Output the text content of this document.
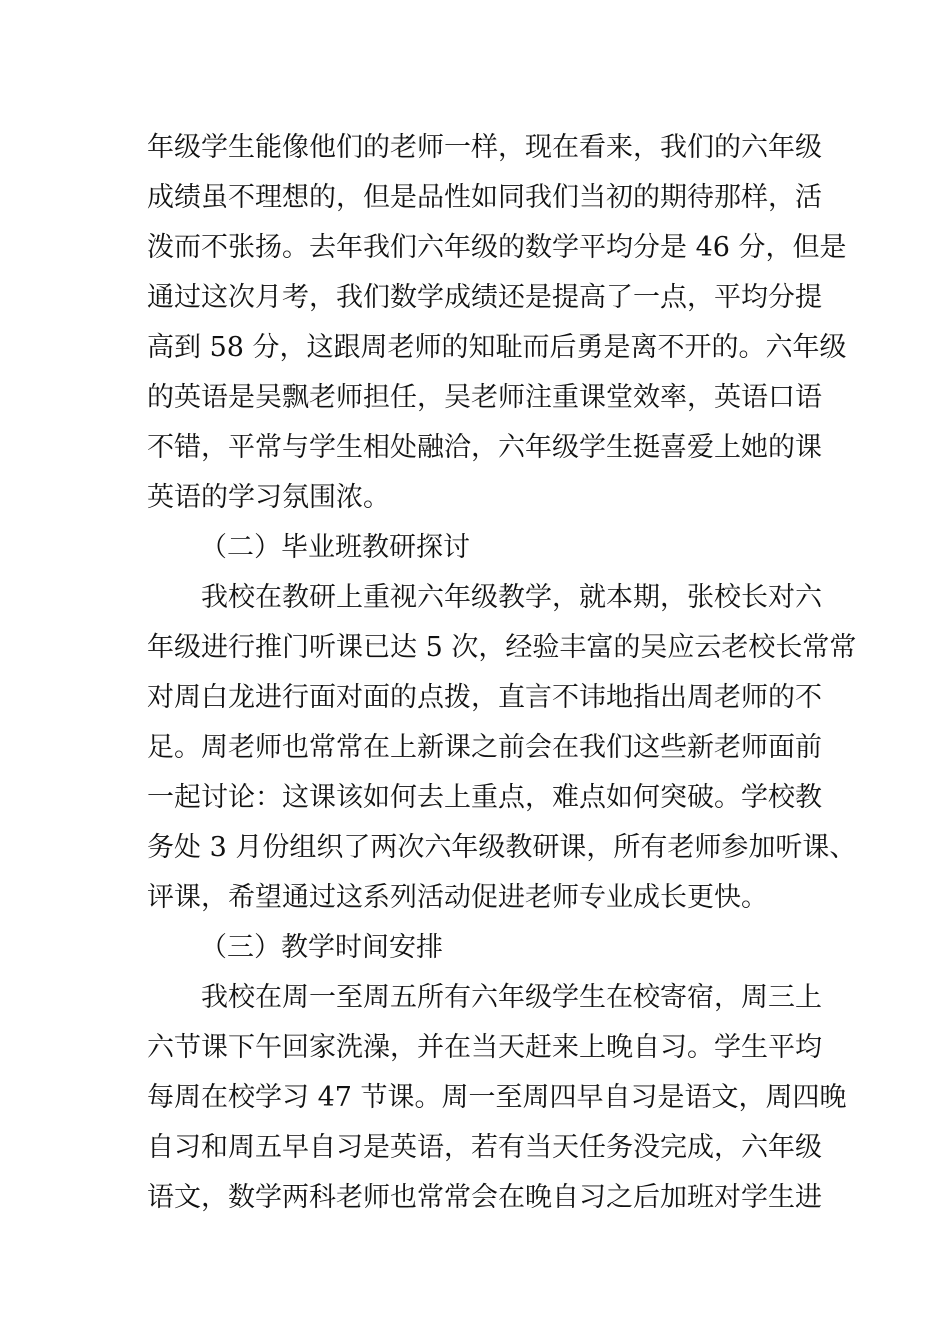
年级学生能像他们的老师一样，现在看来，我们的六年级
成绩虽不理想的，但是品性如同我们当初的期待那样，活
泼而不张扬。去年我们六年级的数学平均分是 46 分，但是
通过这次月考，我们数学成绩还是提高了一点，平均分提
高到 58 分，这跟周老师的知耻而后勇是离不开的。六年级
的英语是吴飘老师担任，吴老师注重课堂效率，英语口语
不错，平常与学生相处融洽，六年级学生挺喜爱上她的课
英语的学习氛围浓。
（二）毕业班教研探讨
我校在教研上重视六年级教学，就本期，张校长对六
年级进行推门听课已达 5 次，经验丰富的吴应云老校长常常
对周白龙进行面对面的点拨，直言不讳地指出周老师的不
足。周老师也常常在上新课之前会在我们这些新老师面前
一起讨论：这课该如何去上重点，难点如何突破。学校教
务处 3 月份组织了两次六年级教研课，所有老师参加听课、
评课，希望通过这系列活动促进老师专业成长更快。
（三）教学时间安排
我校在周一至周五所有六年级学生在校寄宿，周三上
六节课下午回家洗澡，并在当天赶来上晚自习。学生平均
每周在校学习 47 节课。周一至周四早自习是语文，周四晚
自习和周五早自习是英语，若有当天任务没完成，六年级
语文，数学两科老师也常常会在晚自习之后加班对学生进
